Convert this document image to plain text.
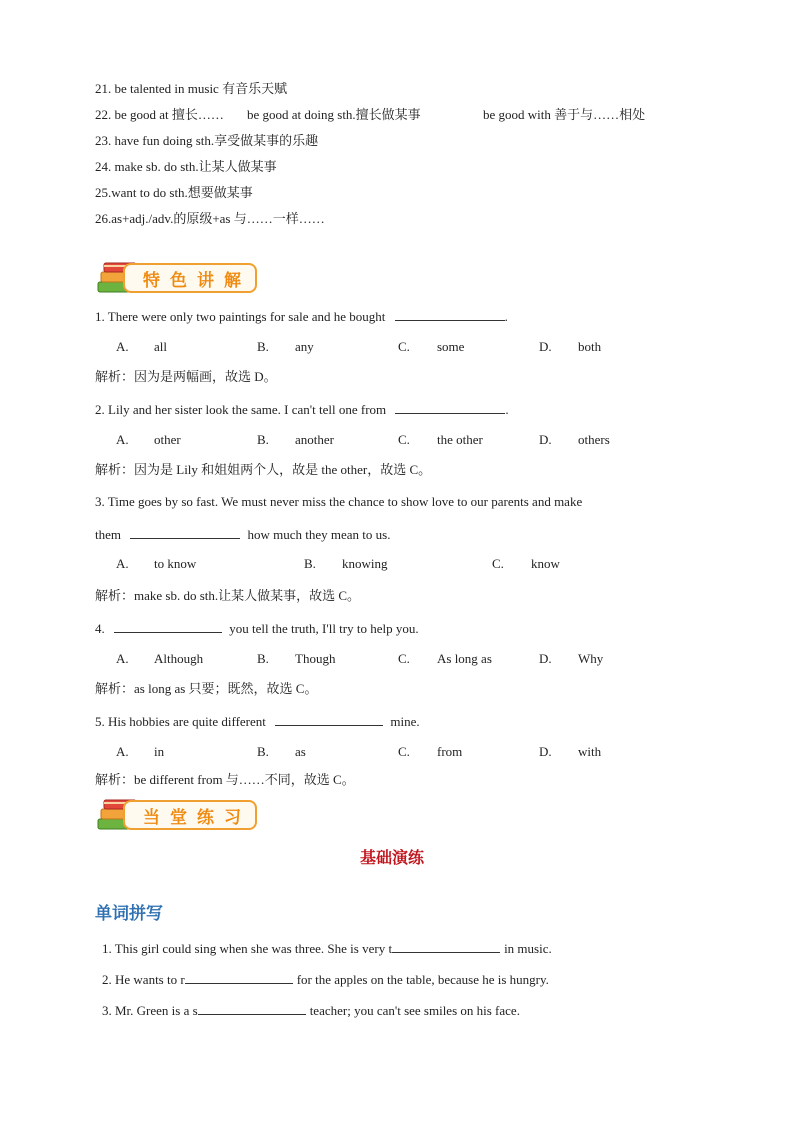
21. be talented in music 有音乐天赋
22. be good at 擅长…… be good at doing sth.擅长做某事	be good with 善于与……相处
23. have fun doing sth.享受做某事的乐趣
24. make sb. do sth.让某人做某事
25.want to do sth.想要做某事
26.as+adj./adv.的原级+as 与……一样……
特色讲解
1. There were only two paintings for sale and he bought	.
A. all	B. any	C. some	D. both
解析：因为是两幅画，故选 D。
2. Lily and her sister look the same. I can't tell one from	.
A. other	B. another	C. the other	D. others
解析：因为是 Lily 和姐姐两个人，故是 the other，故选 C。
3. Time goes by so fast. We must never miss the chance to show love to our parents and make
them	how much they mean to us.
A. to know	B. knowing	C. know
解析：make sb. do sth.让某人做某事，故选 C。
4.	you tell the truth, I'll try to help you.
A. Although	B. Though	C. As long as	D. Why
解析：as long as 只要；既然，故选 C。
5. His hobbies are quite different	mine.
A. in	B. as	C. from	D. with
解析：be different from 与……不同，故选 C。
当堂练习
基础演练
单词拼写
1. This girl could sing when she was three. She is very t	in music.
2. He wants to r	for the apples on the table, because he is hungry.
3. Mr. Green is a s	teacher; you can't see smiles on his face.
